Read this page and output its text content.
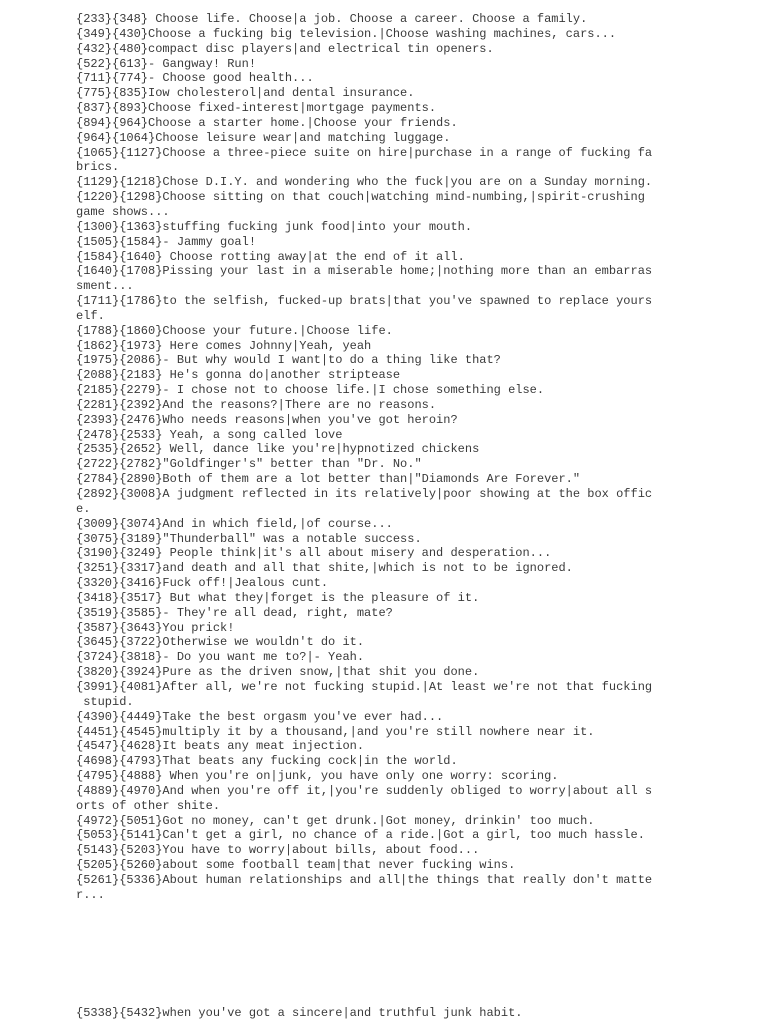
{233}{348} Choose life. Choose|a job. Choose a career. Choose a family.
{349}{430}Choose a fucking big television.|Choose washing machines, cars...
{432}{480}compact disc players|and electrical tin openers.
{522}{613}- Gangway! Run!
{711}{774}- Choose good health...
{775}{835}Iow cholesterol|and dental insurance.
{837}{893}Choose fixed-interest|mortgage payments.
{894}{964}Choose a starter home.|Choose your friends.
{964}{1064}Choose leisure wear|and matching luggage.
{1065}{1127}Choose a three-piece suite on hire|purchase in a range of fucking fa
brics.
{1129}{1218}Chose D.I.Y. and wondering who the fuck|you are on a Sunday morning.
{1220}{1298}Choose sitting on that couch|watching mind-numbing,|spirit-crushing
game shows...
{1300}{1363}stuffing fucking junk food|into your mouth.
{1505}{1584}- Jammy goal!
{1584}{1640} Choose rotting away|at the end of it all.
{1640}{1708}Pissing your last in a miserable home;|nothing more than an embarras
sment...
{1711}{1786}to the selfish, fucked-up brats|that you've spawned to replace yours
elf.
{1788}{1860}Choose your future.|Choose life.
{1862}{1973} Here comes Johnny|Yeah, yeah
{1975}{2086}- But why would I want|to do a thing like that?
{2088}{2183} He's gonna do|another striptease
{2185}{2279}- I chose not to choose life.|I chose something else.
{2281}{2392}And the reasons?|There are no reasons.
{2393}{2476}Who needs reasons|when you've got heroin?
{2478}{2533} Yeah, a song called love
{2535}{2652} Well, dance like you're|hypnotized chickens
{2722}{2782}"Goldfinger's" better than "Dr. No."
{2784}{2890}Both of them are a lot better than|"Diamonds Are Forever."
{2892}{3008}A judgment reflected in its relatively|poor showing at the box offic
e.
{3009}{3074}And in which field,|of course...
{3075}{3189}"Thunderball" was a notable success.
{3190}{3249} People think|it's all about misery and desperation...
{3251}{3317}and death and all that shite,|which is not to be ignored.
{3320}{3416}Fuck off!|Jealous cunt.
{3418}{3517} But what they|forget is the pleasure of it.
{3519}{3585}- They're all dead, right, mate?
{3587}{3643}You prick!
{3645}{3722}Otherwise we wouldn't do it.
{3724}{3818}- Do you want me to?|- Yeah.
{3820}{3924}Pure as the driven snow,|that shit you done.
{3991}{4081}After all, we're not fucking stupid.|At least we're not that fucking
stupid.
{4390}{4449}Take the best orgasm you've ever had...
{4451}{4545}multiply it by a thousand,|and you're still nowhere near it.
{4547}{4628}It beats any meat injection.
{4698}{4793}That beats any fucking cock|in the world.
{4795}{4888} When you're on|junk, you have only one worry: scoring.
{4889}{4970}And when you're off it,|you're suddenly obliged to worry|about all s
orts of other shite.
{4972}{5051}Got no money, can't get drunk.|Got money, drinkin' too much.
{5053}{5141}Can't get a girl, no chance of a ride.|Got a girl, too much hassle.
{5143}{5203}You have to worry|about bills, about food...
{5205}{5260}about some football team|that never fucking wins.
{5261}{5336}About human relationships and all|the things that really don't matte
r...
{5338}{5432}when you've got a sincere|and truthful junk habit.
